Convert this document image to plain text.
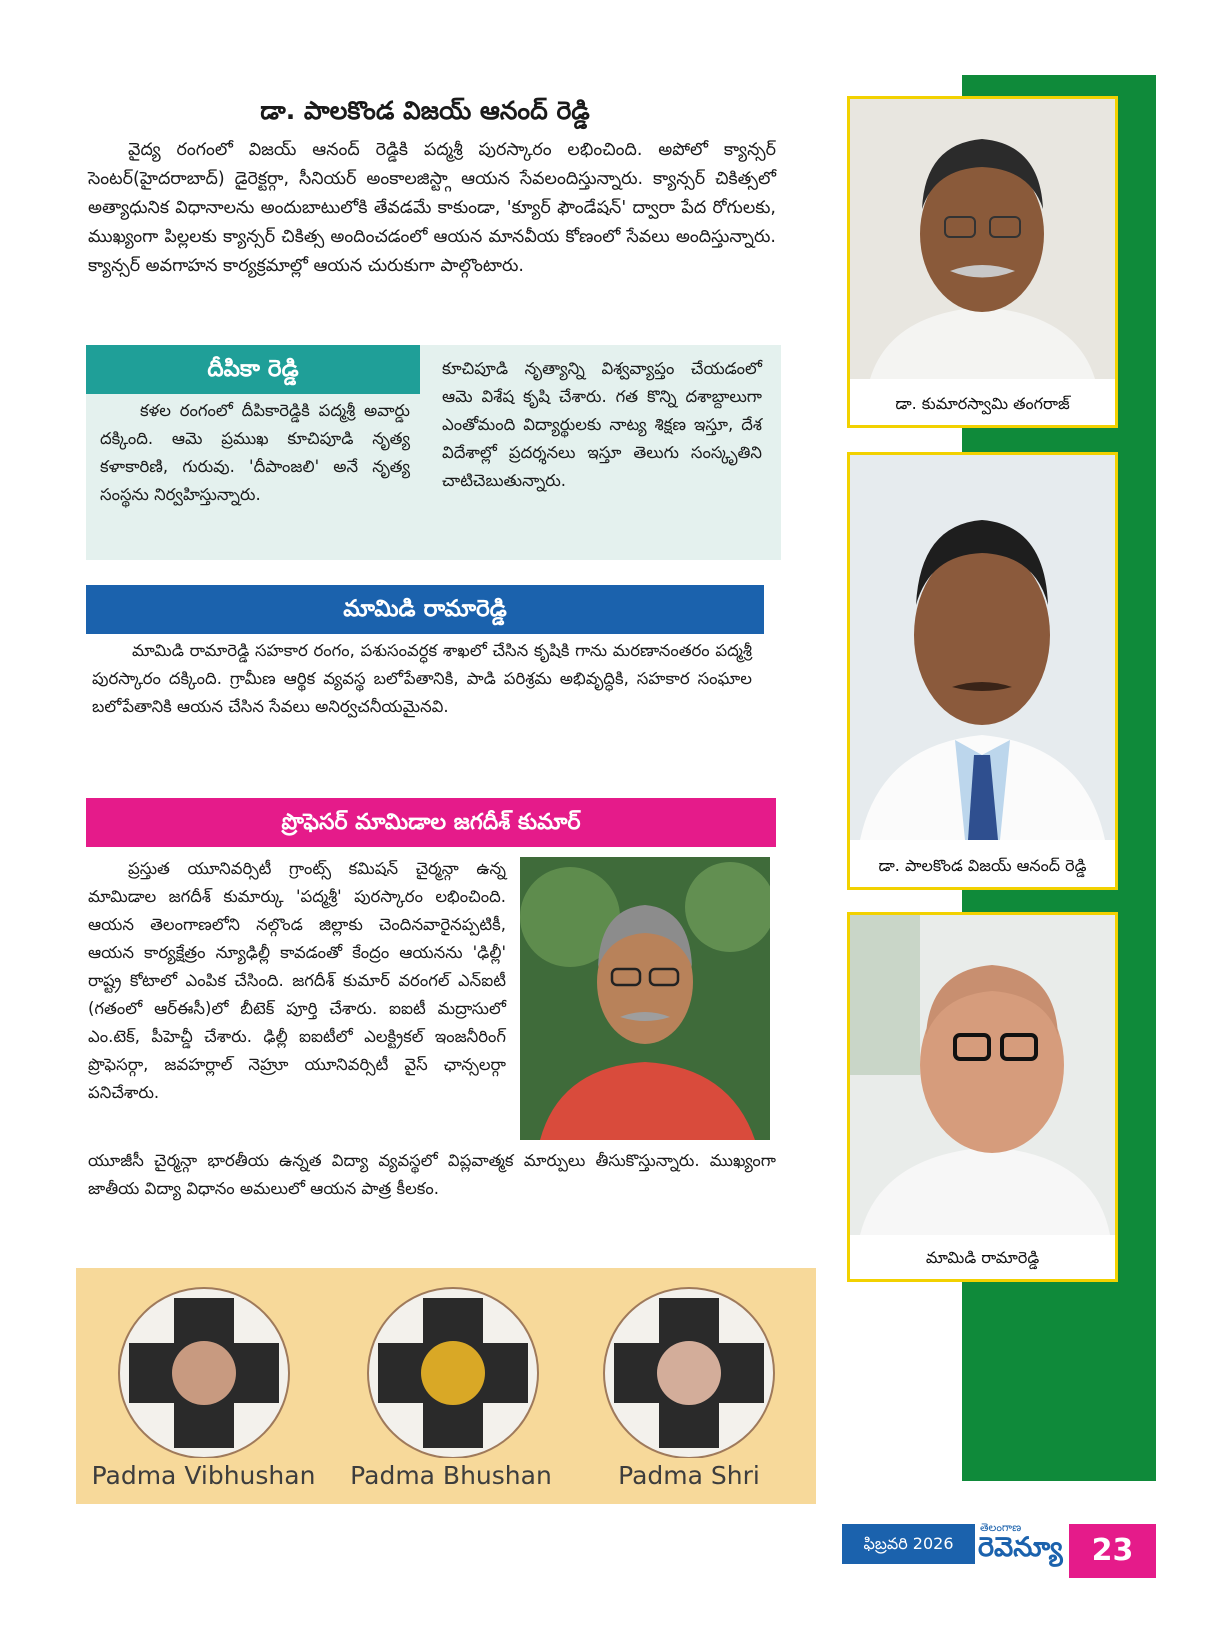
డా. పాలకొండ విజయ్ ఆనంద్ రెడ్డి
వైద్య రంగంలో విజయ్ ఆనంద్ రెడ్డికి పద్మశ్రీ పురస్కారం లభించింది. అపోలో క్యాన్సర్ సెంటర్(హైదరాబాద్) డైరెక్టర్గా, సీనియర్ అంకాలజిస్ట్గా ఆయన సేవలందిస్తున్నారు. క్యాన్సర్ చికిత్సలో అత్యాధునిక విధానాలను అందుబాటులోకి తేవడమే కాకుండా, 'క్యూర్ ఫౌండేషన్' ద్వారా పేద రోగులకు, ముఖ్యంగా పిల్లలకు క్యాన్సర్ చికిత్స అందించడంలో ఆయన మానవీయ కోణంలో సేవలు అందిస్తున్నారు. క్యాన్సర్ అవగాహన కార్యక్రమాల్లో ఆయన చురుకుగా పాల్గొంటారు.
దీపికా రెడ్డి
కళల రంగంలో దీపికారెడ్డికి పద్మశ్రీ అవార్డు దక్కింది. ఆమె ప్రముఖ కూచిపూడి నృత్య కళాకారిణి, గురువు. 'దీపాంజలి' అనే నృత్య సంస్థను నిర్వహిస్తున్నారు.
కూచిపూడి నృత్యాన్ని విశ్వవ్యాప్తం చేయడంలో ఆమె విశేష కృషి చేశారు. గత కొన్ని దశాబ్దాలుగా ఎంతోమంది విద్యార్థులకు నాట్య శిక్షణ ఇస్తూ, దేశ విదేశాల్లో ప్రదర్శనలు ఇస్తూ తెలుగు సంస్కృతిని చాటిచెబుతున్నారు.
మామిడి రామారెడ్డి
మామిడి రామారెడ్డి సహకార రంగం, పశుసంవర్ధక శాఖలో చేసిన కృషికి గాను మరణానంతరం పద్మశ్రీ పురస్కారం దక్కింది. గ్రామీణ ఆర్థిక వ్యవస్థ బలోపేతానికి, పాడి పరిశ్రమ అభివృద్ధికి, సహకార సంఘాల బలోపేతానికి ఆయన చేసిన సేవలు అనిర్వచనీయమైనవి.
ప్రొఫెసర్ మామిడాల జగదీశ్ కుమార్
ప్రస్తుత యూనివర్సిటీ గ్రాంట్స్ కమిషన్ చైర్మన్గా ఉన్న మామిడాల జగదీశ్ కుమార్కు 'పద్మశ్రీ' పురస్కారం లభించింది. ఆయన తెలంగాణలోని నల్గొండ జిల్లాకు చెందినవారైనప్పటికీ, ఆయన కార్యక్షేత్రం న్యూఢిల్లీ కావడంతో కేంద్రం ఆయనను 'ఢిల్లీ' రాష్ట్ర కోటాలో ఎంపిక చేసింది. జగదీశ్ కుమార్ వరంగల్ ఎన్ఐటీ (గతంలో ఆర్ఈసీ)లో బీటెక్ పూర్తి చేశారు. ఐఐటీ మద్రాసులో ఎం.టెక్, పీహెచ్డీ చేశారు. ఢిల్లీ ఐఐటీలో ఎలక్ట్రికల్ ఇంజనీరింగ్ ప్రొఫెసర్గా, జవహర్లాల్ నెహ్రూ యూనివర్సిటీ వైస్ ఛాన్సలర్గా పనిచేశారు.
యూజీసీ చైర్మన్గా భారతీయ ఉన్నత విద్యా వ్యవస్థలో విప్లవాత్మక మార్పులు తీసుకొస్తున్నారు. ముఖ్యంగా జాతీయ విద్యా విధానం అమలులో ఆయన పాత్ర కీలకం.
డా. కుమారస్వామి తంగరాజ్
డా. పాలకొండ విజయ్ ఆనంద్ రెడ్డి
మామిడి రామారెడ్డి
Padma Vibhushan	Padma Bhushan	Padma Shri
ఫిబ్రవరి 2026
తెలంగాణ
రెవెన్యూ 23
